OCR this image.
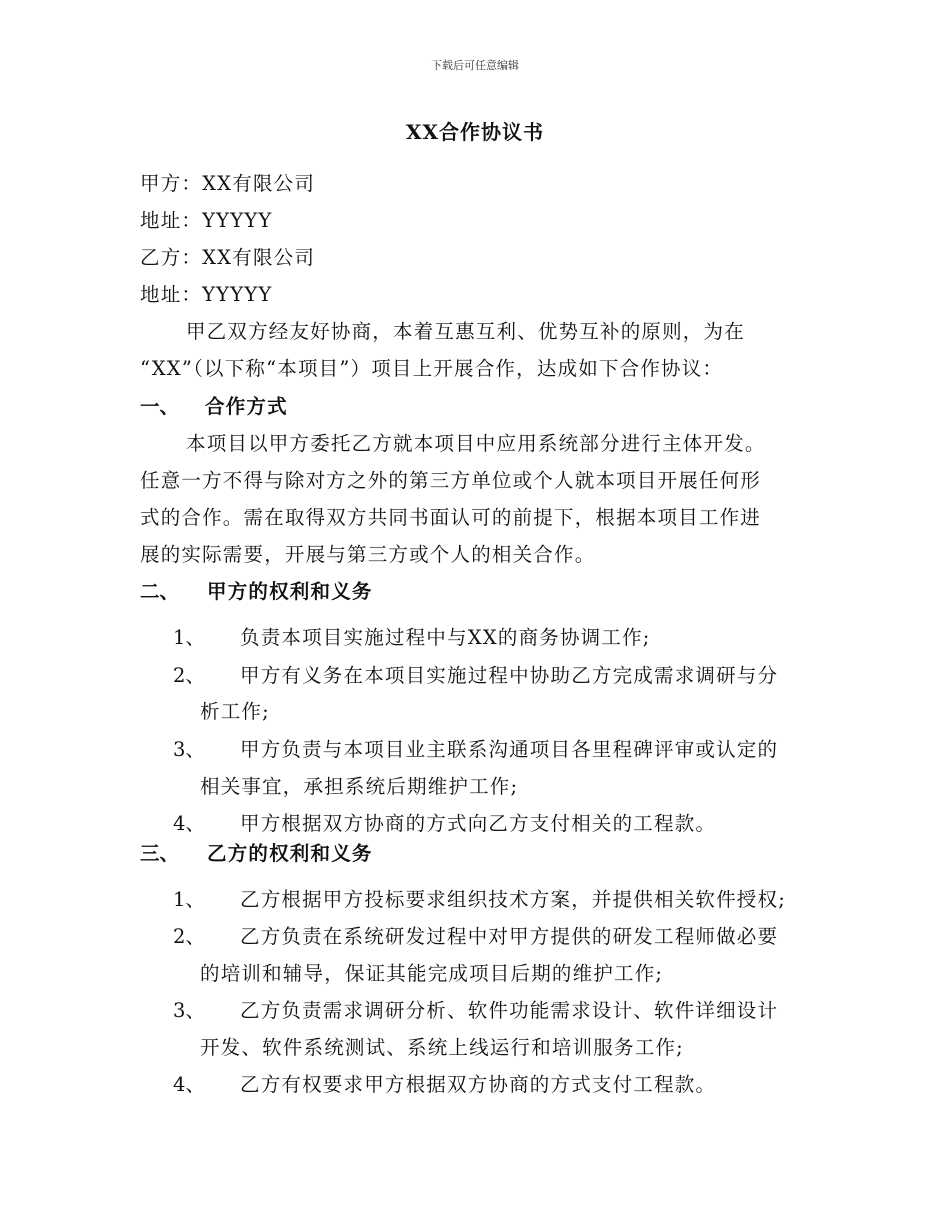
下载后可任意编辑
XX合作协议书
甲方：XX有限公司
地址：YYYYY
乙方：XX有限公司
地址：YYYYY
甲乙双方经友好协商，本着互惠互利、优势互补的原则，为在
“XX”（以下称“本项目”）项目上开展合作，达成如下合作协议：
一、 合作方式
本项目以甲方委托乙方就本项目中应用系统部分进行主体开发。
任意一方不得与除对方之外的第三方单位或个人就本项目开展任何形
式的合作。需在取得双方共同书面认可的前提下，根据本项目工作进
展的实际需要，开展与第三方或个人的相关合作。
二、 甲方的权利和义务
1、 负责本项目实施过程中与XX的商务协调工作;
2、 甲方有义务在本项目实施过程中协助乙方完成需求调研与分
析工作;
3、 甲方负责与本项目业主联系沟通项目各里程碑评审或认定的
相关事宜，承担系统后期维护工作;
4、 甲方根据双方协商的方式向乙方支付相关的工程款。
三、 乙方的权利和义务
1、 乙方根据甲方投标要求组织技术方案，并提供相关软件授权;
2、 乙方负责在系统研发过程中对甲方提供的研发工程师做必要
的培训和辅导，保证其能完成项目后期的维护工作;
3、 乙方负责需求调研分析、软件功能需求设计、软件详细设计
开发、软件系统测试、系统上线运行和培训服务工作;
4、 乙方有权要求甲方根据双方协商的方式支付工程款。
